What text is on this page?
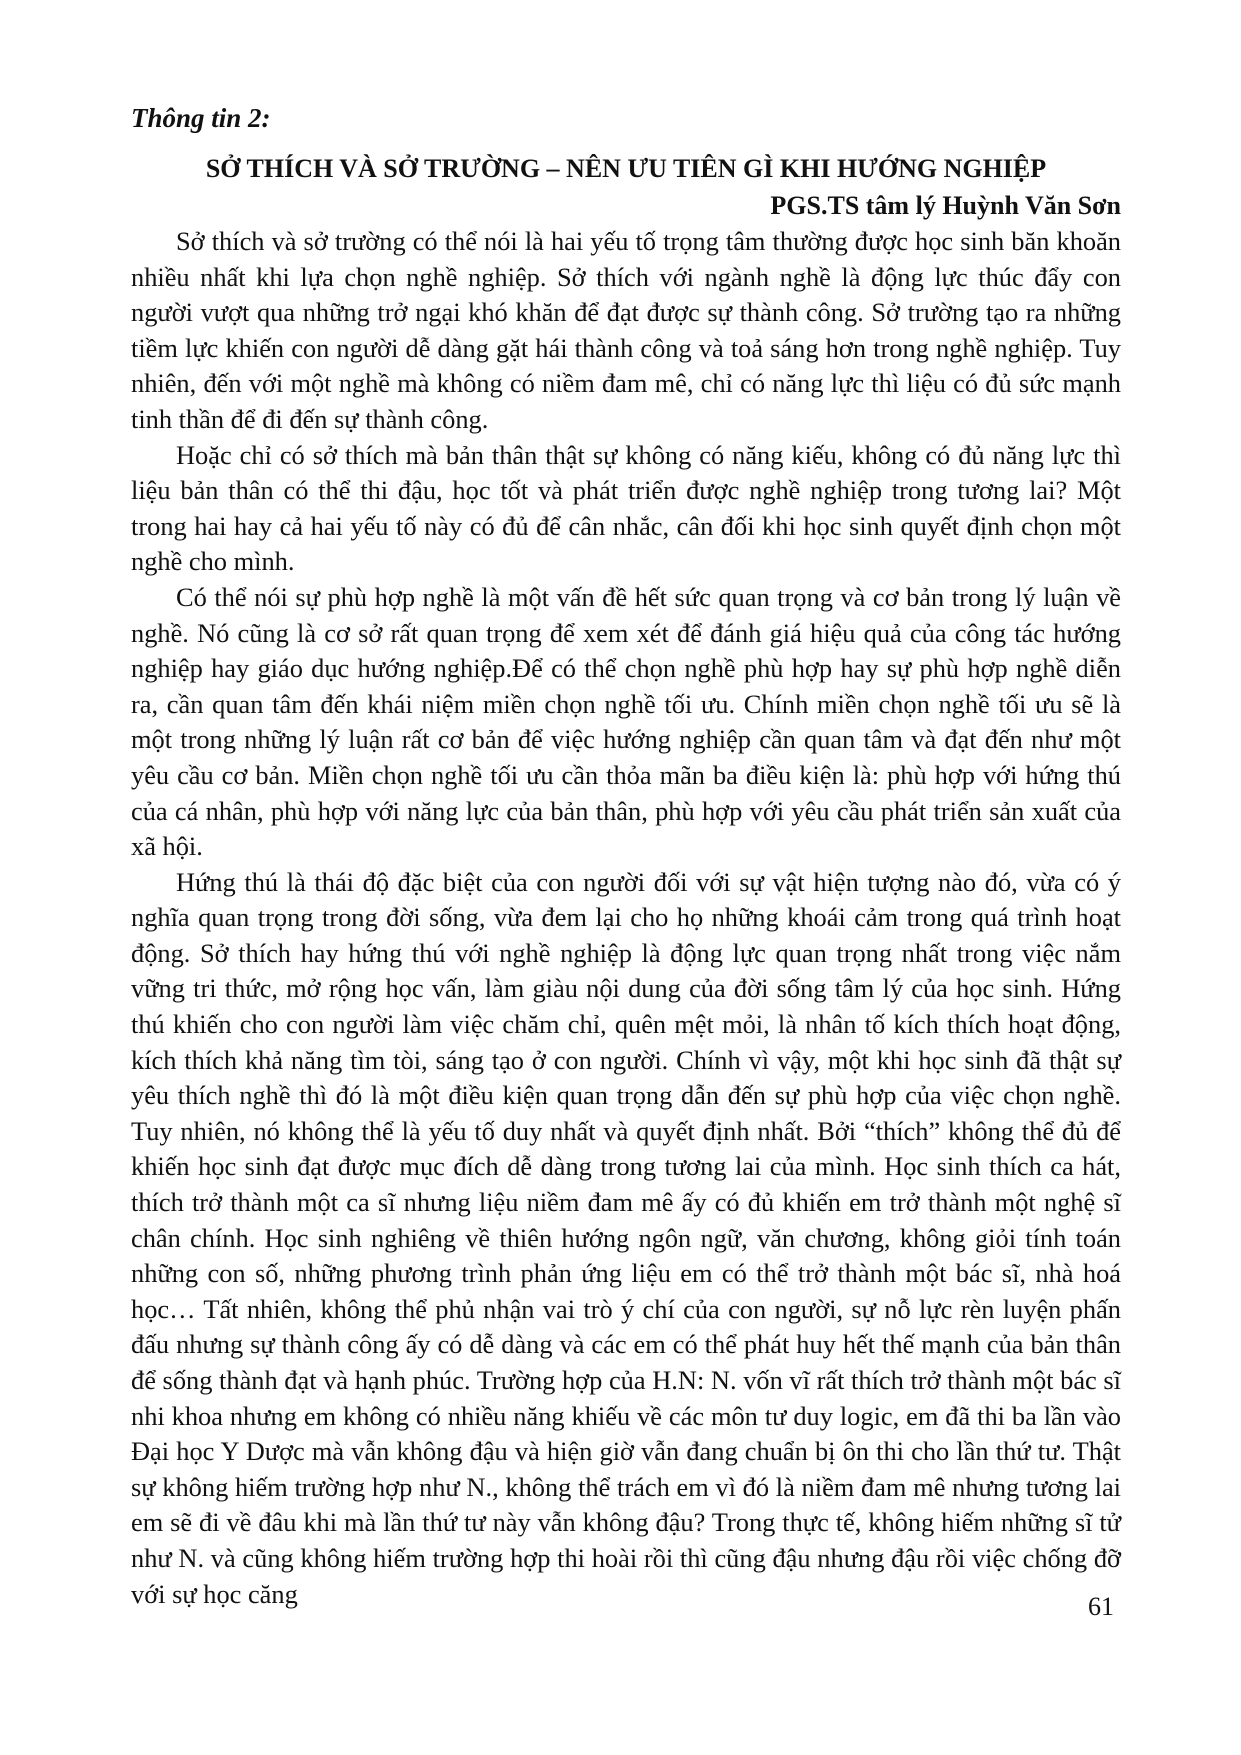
Thông tin 2:

SỞ THÍCH VÀ SỞ TRƯỜNG – NÊN ƯU TIÊN GÌ KHI HƯỚNG NGHIỆP

PGS.TS tâm lý Huỳnh Văn Sơn

Sở thích và sở trường có thể nói là hai yếu tố trọng tâm thường được học sinh băn khoăn nhiều nhất khi lựa chọn nghề nghiệp. Sở thích với ngành nghề là động lực thúc đẩy con người vượt qua những trở ngại khó khăn để đạt được sự thành công. Sở trường tạo ra những tiềm lực khiến con người dễ dàng gặt hái thành công và toả sáng hơn trong nghề nghiệp. Tuy nhiên, đến với một nghề mà không có niềm đam mê, chỉ có năng lực thì liệu có đủ sức mạnh tinh thần để đi đến sự thành công.

Hoặc chỉ có sở thích mà bản thân thật sự không có năng kiếu, không có đủ năng lực thì liệu bản thân có thể thi đậu, học tốt và phát triển được nghề nghiệp trong tương lai? Một trong hai hay cả hai yếu tố này có đủ để cân nhắc, cân đối khi học sinh quyết định chọn một nghề cho mình.

Có thể nói sự phù hợp nghề là một vấn đề hết sức quan trọng và cơ bản trong lý luận về nghề. Nó cũng là cơ sở rất quan trọng để xem xét để đánh giá hiệu quả của công tác hướng nghiệp hay giáo dục hướng nghiệp.Để có thể chọn nghề phù hợp hay sự phù hợp nghề diễn ra, cần quan tâm đến khái niệm miền chọn nghề tối ưu. Chính miền chọn nghề tối ưu sẽ là một trong những lý luận rất cơ bản để việc hướng nghiệp cần quan tâm và đạt đến như một yêu cầu cơ bản. Miền chọn nghề tối ưu cần thỏa mãn ba điều kiện là: phù hợp với hứng thú của cá nhân, phù hợp với năng lực của bản thân, phù hợp với yêu cầu phát triển sản xuất của xã hội.

Hứng thú là thái độ đặc biệt của con người đối với sự vật hiện tượng nào đó, vừa có ý nghĩa quan trọng trong đời sống, vừa đem lại cho họ những khoái cảm trong quá trình hoạt động. Sở thích hay hứng thú với nghề nghiệp là động lực quan trọng nhất trong việc nắm vững tri thức, mở rộng học vấn, làm giàu nội dung của đời sống tâm lý của học sinh. Hứng thú khiến cho con người làm việc chăm chỉ, quên mệt mỏi, là nhân tố kích thích hoạt động, kích thích khả năng tìm tòi, sáng tạo ở con người. Chính vì vậy, một khi học sinh đã thật sự yêu thích nghề thì đó là một điều kiện quan trọng dẫn đến sự phù hợp của việc chọn nghề. Tuy nhiên, nó không thể là yếu tố duy nhất và quyết định nhất. Bởi “thích” không thể đủ để khiến học sinh đạt được mục đích dễ dàng trong tương lai của mình. Học sinh thích ca hát, thích trở thành một ca sĩ nhưng liệu niềm đam mê ấy có đủ khiến em trở thành một nghệ sĩ chân chính. Học sinh nghiêng về thiên hướng ngôn ngữ, văn chương, không giỏi tính toán những con số, những phương trình phản ứng liệu em có thể trở thành một bác sĩ, nhà hoá học… Tất nhiên, không thể phủ nhận vai trò ý chí của con người, sự nỗ lực rèn luyện phấn đấu nhưng sự thành công ấy có dễ dàng và các em có thể phát huy hết thế mạnh của bản thân để sống thành đạt và hạnh phúc. Trường hợp của H.N: N. vốn vĩ rất thích trở thành một bác sĩ nhi khoa nhưng em không có nhiều năng khiếu về các môn tư duy logic, em đã thi ba lần vào Đại học Y Dược mà vẫn không đậu và hiện giờ vẫn đang chuẩn bị ôn thi cho lần thứ tư. Thật sự không hiếm trường hợp như N., không thể trách em vì đó là niềm đam mê nhưng tương lai em sẽ đi về đâu khi mà lần thứ tư này vẫn không đậu? Trong thực tế, không hiếm những sĩ tử như N. và cũng không hiếm trường hợp thi hoài rồi thì cũng đậu nhưng đậu rồi việc chống đỡ với sự học căng	61
